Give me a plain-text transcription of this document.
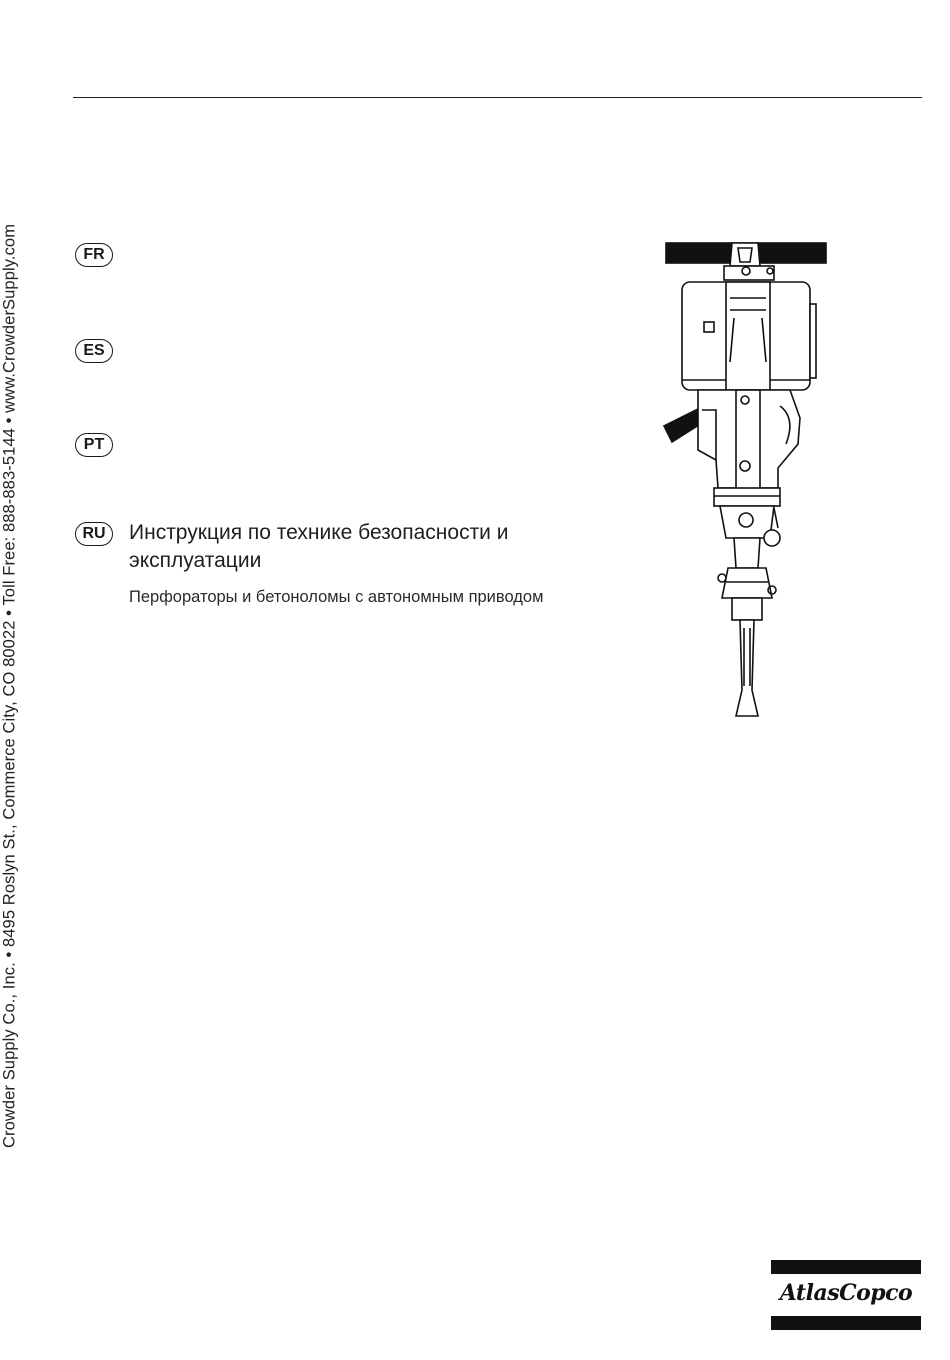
Crowder Supply Co., Inc. • 8495 Roslyn St., Commerce City, CO 80022 • Toll Free: 888-883-5144 • www.CrowderSupply.com	FR
ES
PT
RU	Инструкция по технике безопасности и эксплуатации
Перфораторы и бетоноломы с автономным приводом
AtlasCopco
